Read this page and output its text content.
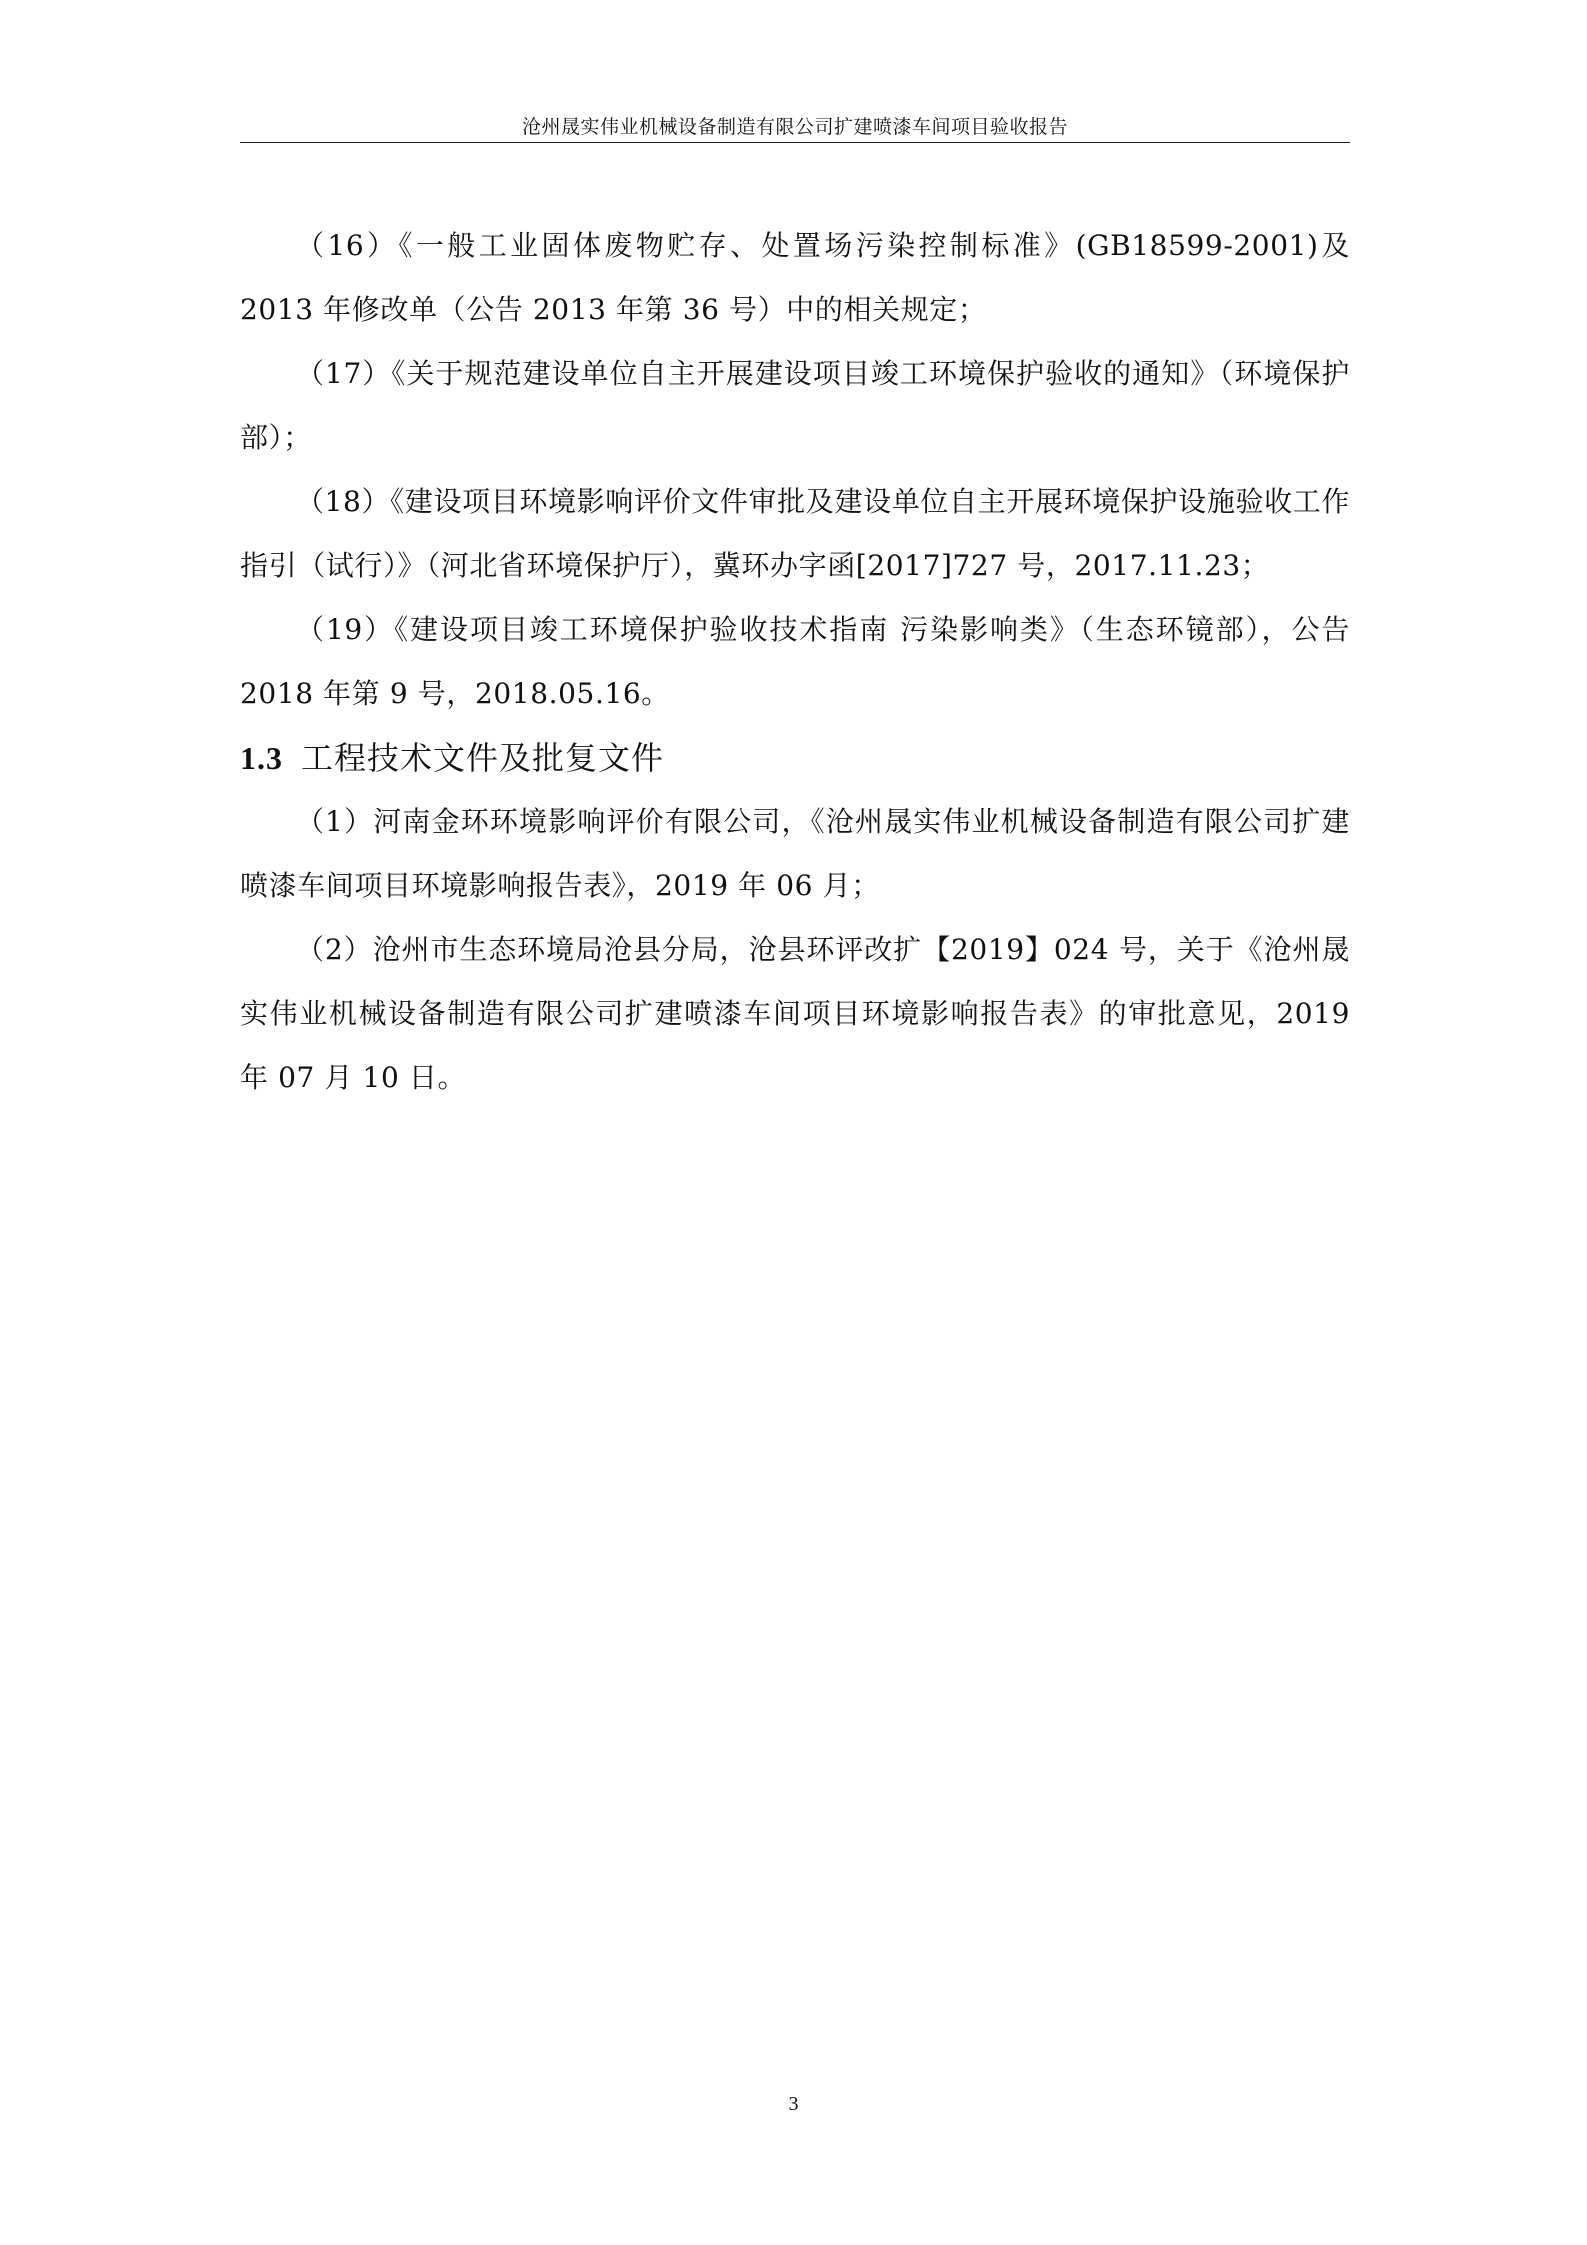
沧州晟实伟业机械设备制造有限公司扩建喷漆车间项目验收报告

（16）《一般工业固体废物贮存、处置场污染控制标准》(GB18599-2001)及 2013 年修改单（公告 2013 年第 36 号）中的相关规定；

（17）《关于规范建设单位自主开展建设项目竣工环境保护验收的通知》（环境保护部）；

（18）《建设项目环境影响评价文件审批及建设单位自主开展环境保护设施验收工作指引（试行）》（河北省环境保护厅），冀环办字函[2017]727 号，2017.11.23；

（19）《建设项目竣工环境保护验收技术指南 污染影响类》（生态环镜部），公告 2018 年第 9 号，2018.05.16。

1.3 工程技术文件及批复文件

（1）河南金环环境影响评价有限公司，《沧州晟实伟业机械设备制造有限公司扩建喷漆车间项目环境影响报告表》，2019 年 06 月；

（2）沧州市生态环境局沧县分局，沧县环评改扩【2019】024 号，关于《沧州晟实伟业机械设备制造有限公司扩建喷漆车间项目环境影响报告表》的审批意见，2019 年 07 月 10 日。

3
